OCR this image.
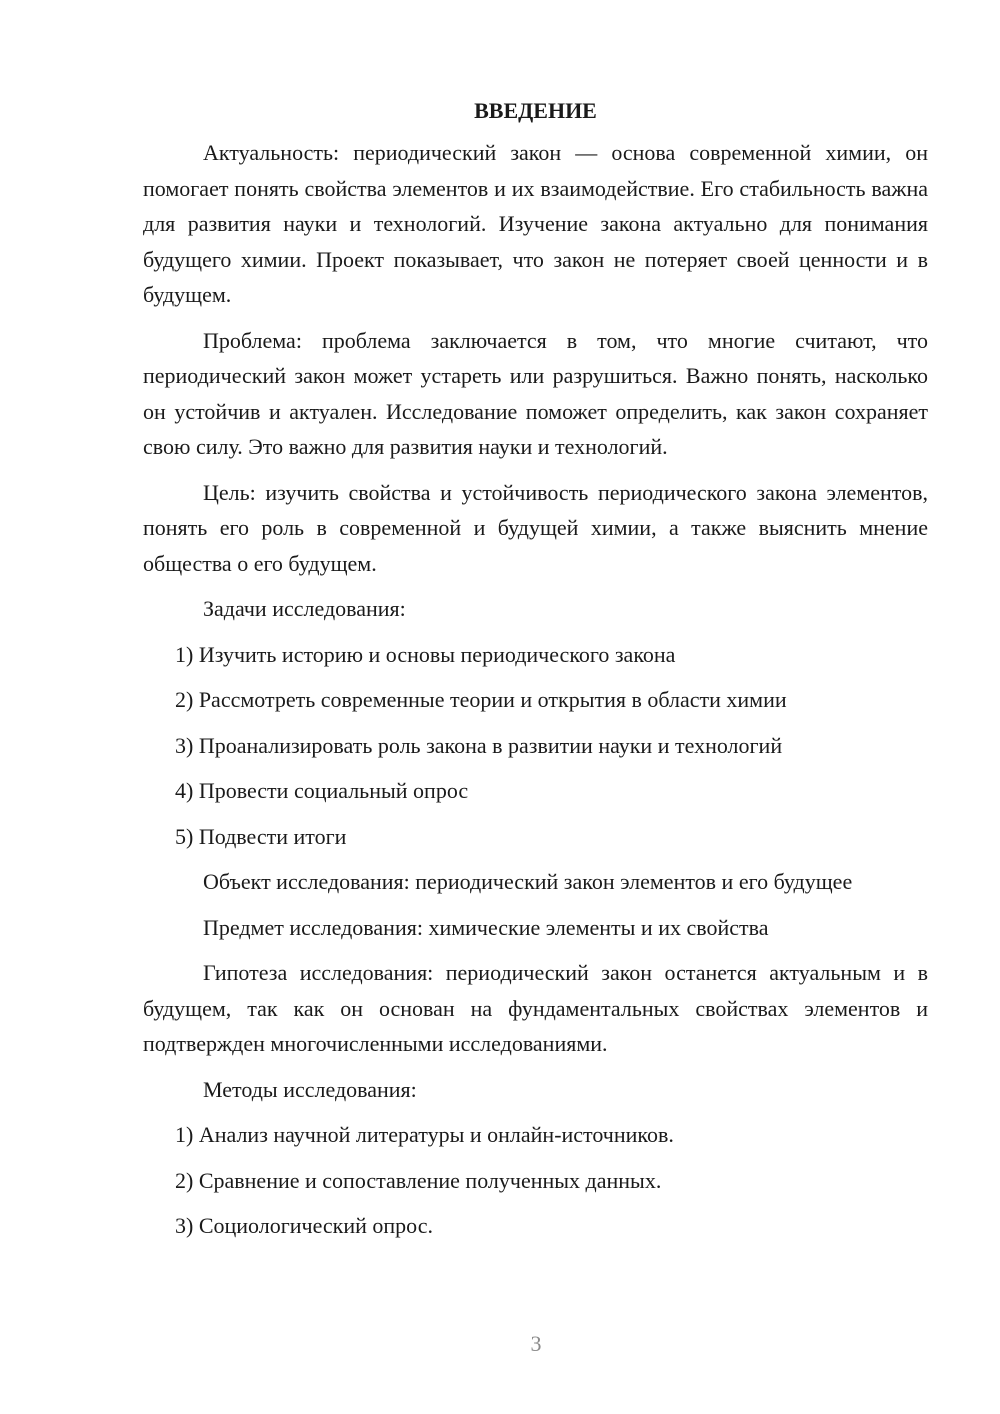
ВВЕДЕНИЕ

Актуальность: периодический закон — основа современной химии, он помогает понять свойства элементов и их взаимодействие. Его стабильность важна для развития науки и технологий. Изучение закона актуально для понимания будущего химии. Проект показывает, что закон не потеряет своей ценности и в будущем.

Проблема: проблема заключается в том, что многие считают, что периодический закон может устареть или разрушиться. Важно понять, насколько он устойчив и актуален. Исследование поможет определить, как закон сохраняет свою силу. Это важно для развития науки и технологий.

Цель: изучить свойства и устойчивость периодического закона элементов, понять его роль в современной и будущей химии, а также выяснить мнение общества о его будущем.

Задачи исследования:

1) Изучить историю и основы периодического закона
2) Рассмотреть современные теории и открытия в области химии
3) Проанализировать роль закона в развитии науки и технологий
4) Провести социальный опрос
5) Подвести итоги

Объект исследования: периодический закон элементов и его будущее

Предмет исследования: химические элементы и их свойства

Гипотеза исследования: периодический закон останется актуальным и в будущем, так как он основан на фундаментальных свойствах элементов и подтвержден многочисленными исследованиями.

Методы исследования:

1) Анализ научной литературы и онлайн-источников.
2) Сравнение и сопоставление полученных данных.
3) Социологический опрос.
3
